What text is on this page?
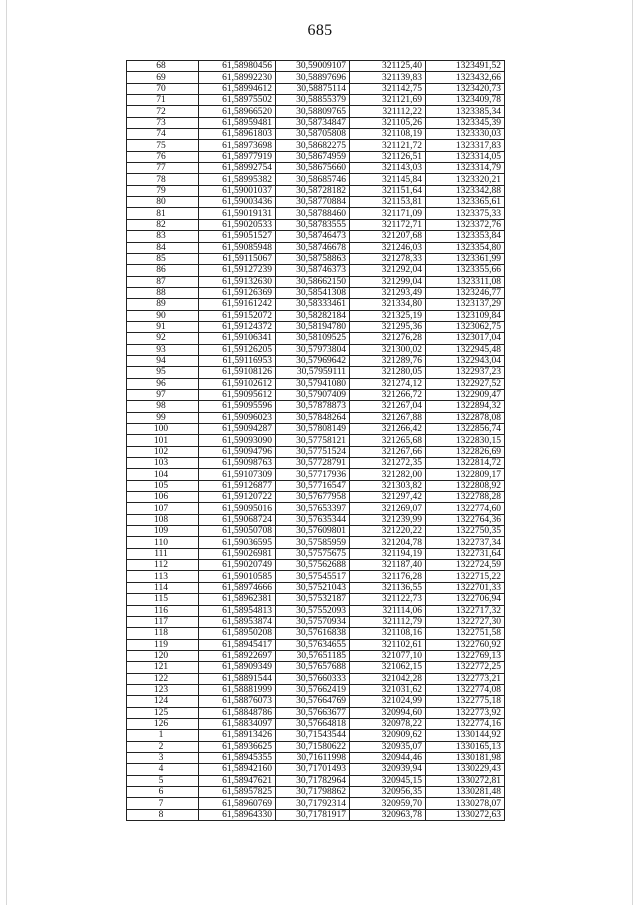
685
68	61,58980456	30,59009107	321125,40	1323491,52
69	61,58992230	30,58897696	321139,83	1323432,66
70	61,58994612	30,58875114	321142,75	1323420,73
71	61,58975502	30,58855379	321121,69	1323409,78
72	61,58966520	30,58809765	321112,22	1323385,34
73	61,58959481	30,58734847	321105,26	1323345,39
74	61,58961803	30,58705808	321108,19	1323330,03
75	61,58973698	30,58682275	321121,72	1323317,83
76	61,58977919	30,58674959	321126,51	1323314,05
77	61,58992754	30,58675660	321143,03	1323314,79
78	61,58995382	30,58685746	321145,84	1323320,21
79	61,59001037	30,58728182	321151,64	1323342,88
80	61,59003436	30,58770884	321153,81	1323365,61
81	61,59019131	30,58788460	321171,09	1323375,33
82	61,59020533	30,58783555	321172,71	1323372,76
83	61,59051527	30,58746473	321207,68	1323353,84
84	61,59085948	30,58746678	321246,03	1323354,80
85	61,59115067	30,58758863	321278,33	1323361,99
86	61,59127239	30,58746373	321292,04	1323355,66
87	61,59132630	30,58662150	321299,04	1323311,08
88	61,59126369	30,58541308	321293,49	1323246,77
89	61,59161242	30,58333461	321334,80	1323137,29
90	61,59152072	30,58282184	321325,19	1323109,84
91	61,59124372	30,58194780	321295,36	1323062,75
92	61,59106341	30,58109525	321276,28	1323017,04
93	61,59126205	30,57973804	321300,02	1322945,48
94	61,59116953	30,57969642	321289,76	1322943,04
95	61,59108126	30,57959111	321280,05	1322937,23
96	61,59102612	30,57941080	321274,12	1322927,52
97	61,59095612	30,57907409	321266,72	1322909,47
98	61,59095596	30,57878873	321267,04	1322894,32
99	61,59096023	30,57848264	321267,88	1322878,08
100	61,59094287	30,57808149	321266,42	1322856,74
101	61,59093090	30,57758121	321265,68	1322830,15
102	61,59094796	30,57751524	321267,66	1322826,69
103	61,59098763	30,57728791	321272,35	1322814,72
104	61,59107309	30,57717936	321282,00	1322809,17
105	61,59126877	30,57716547	321303,82	1322808,92
106	61,59120722	30,57677958	321297,42	1322788,28
107	61,59095016	30,57653397	321269,07	1322774,60
108	61,59068724	30,57635344	321239,99	1322764,36
109	61,59050708	30,57609801	321220,22	1322750,35
110	61,59036595	30,57585959	321204,78	1322737,34
111	61,59026981	30,57575675	321194,19	1322731,64
112	61,59020749	30,57562688	321187,40	1322724,59
113	61,59010585	30,57545517	321176,28	1322715,22
114	61,58974666	30,57521043	321136,55	1322701,33
115	61,58962381	30,57532187	321122,73	1322706,94
116	61,58954813	30,57552093	321114,06	1322717,32
117	61,58953874	30,57570934	321112,79	1322727,30
118	61,58950208	30,57616838	321108,16	1322751,58
119	61,58945417	30,57634655	321102,61	1322760,92
120	61,58922697	30,57651185	321077,10	1322769,13
121	61,58909349	30,57657688	321062,15	1322772,25
122	61,58891544	30,57660333	321042,28	1322773,21
123	61,58881999	30,57662419	321031,62	1322774,08
124	61,58876073	30,57664769	321024,99	1322775,18
125	61,58848786	30,57663677	320994,60	1322773,92
126	61,58834097	30,57664818	320978,22	1322774,16
1	61,58913426	30,71543544	320909,62	1330144,92
2	61,58936625	30,71580622	320935,07	1330165,13
3	61,58945355	30,71611998	320944,46	1330181,98
4	61,58942160	30,71701493	320939,94	1330229,43
5	61,58947621	30,71782964	320945,15	1330272,81
6	61,58957825	30,71798862	320956,35	1330281,48
7	61,58960769	30,71792314	320959,70	1330278,07
8	61,58964330	30,71781917	320963,78	1330272,63
